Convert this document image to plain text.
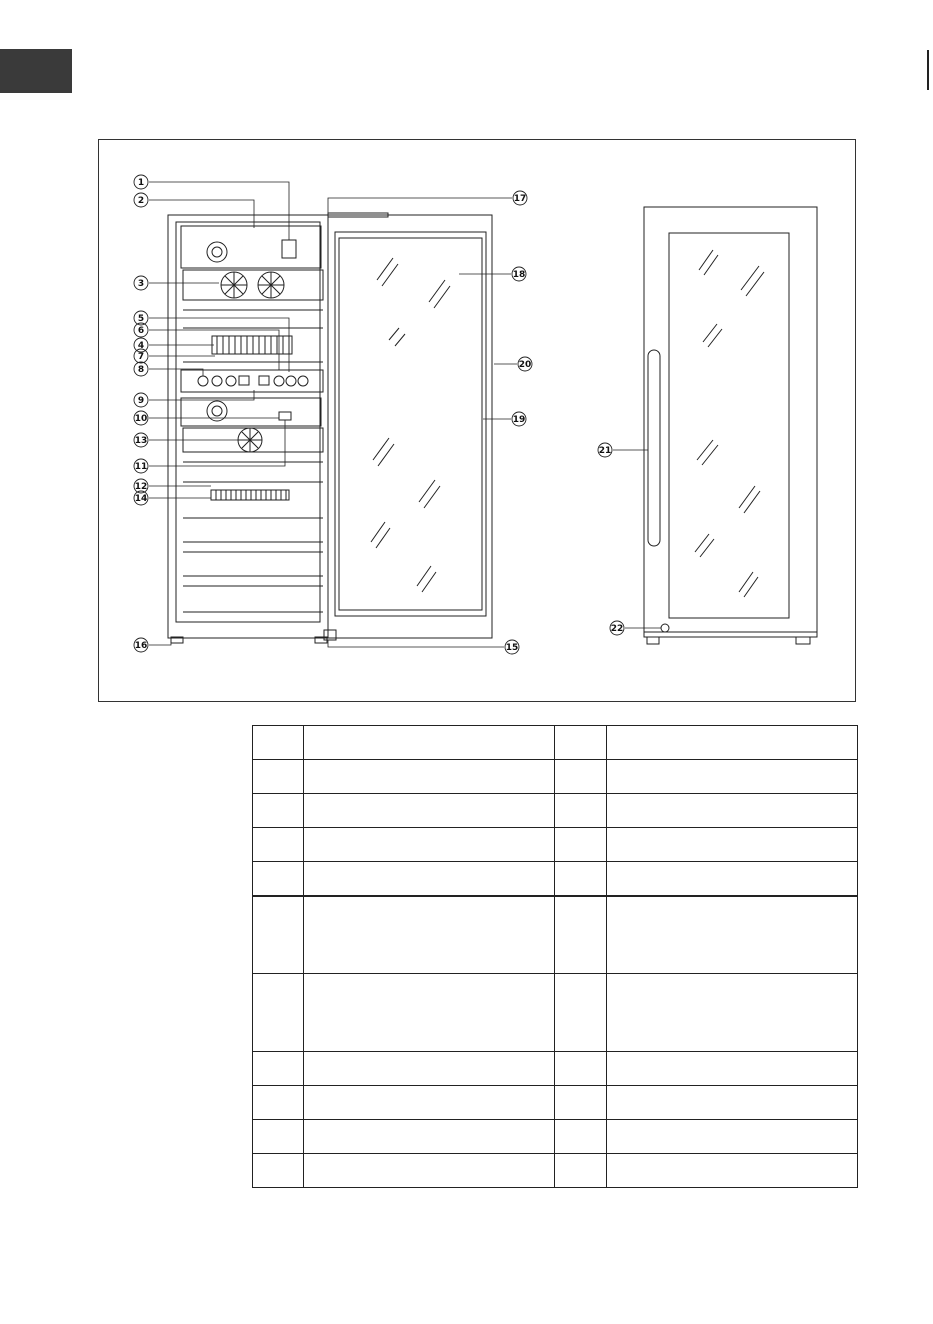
1
2
3
4
5
6
7
8
9
10
11
12
13
14
15
16
17
18
19
20
21
22
